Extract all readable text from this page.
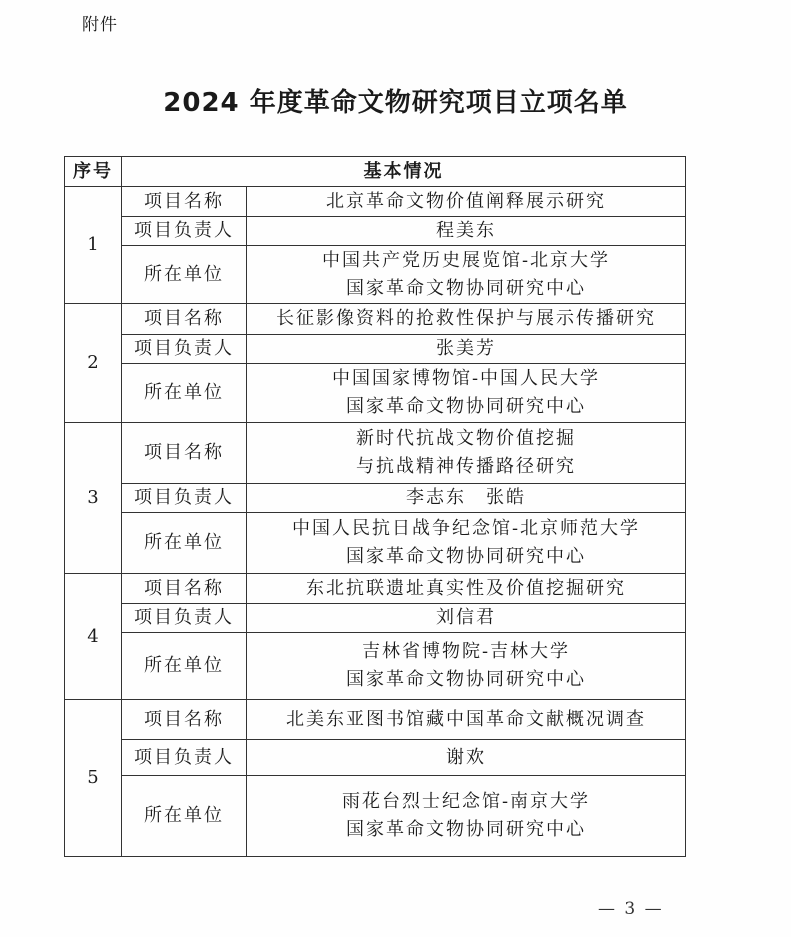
附件
2024 年度革命文物研究项目立项名单
序号	基本情况	
1	项目名称	北京革命文物价值阐释展示研究

	项目负责人	程美东
	所在单位	中国共产党历史展览馆-北京大学
国家革命文物协同研究中心

2	项目名称	长征影像资料的抢救性保护与展示传播研究

	项目负责人	张美芳
	所在单位	中国国家博物馆-中国人民大学
国家革命文物协同研究中心

3	项目名称	新时代抗战文物价值挖掘
与抗战精神传播路径研究

	项目负责人	李志东　张皓
	所在单位	中国人民抗日战争纪念馆-北京师范大学
国家革命文物协同研究中心

4	项目名称	东北抗联遗址真实性及价值挖掘研究

	项目负责人	刘信君
	所在单位	吉林省博物院-吉林大学
国家革命文物协同研究中心

5	项目名称	北美东亚图书馆藏中国革命文献概况调查

	项目负责人	谢欢
	所在单位	雨花台烈士纪念馆-南京大学
国家革命文物协同研究中心
— 3 —
